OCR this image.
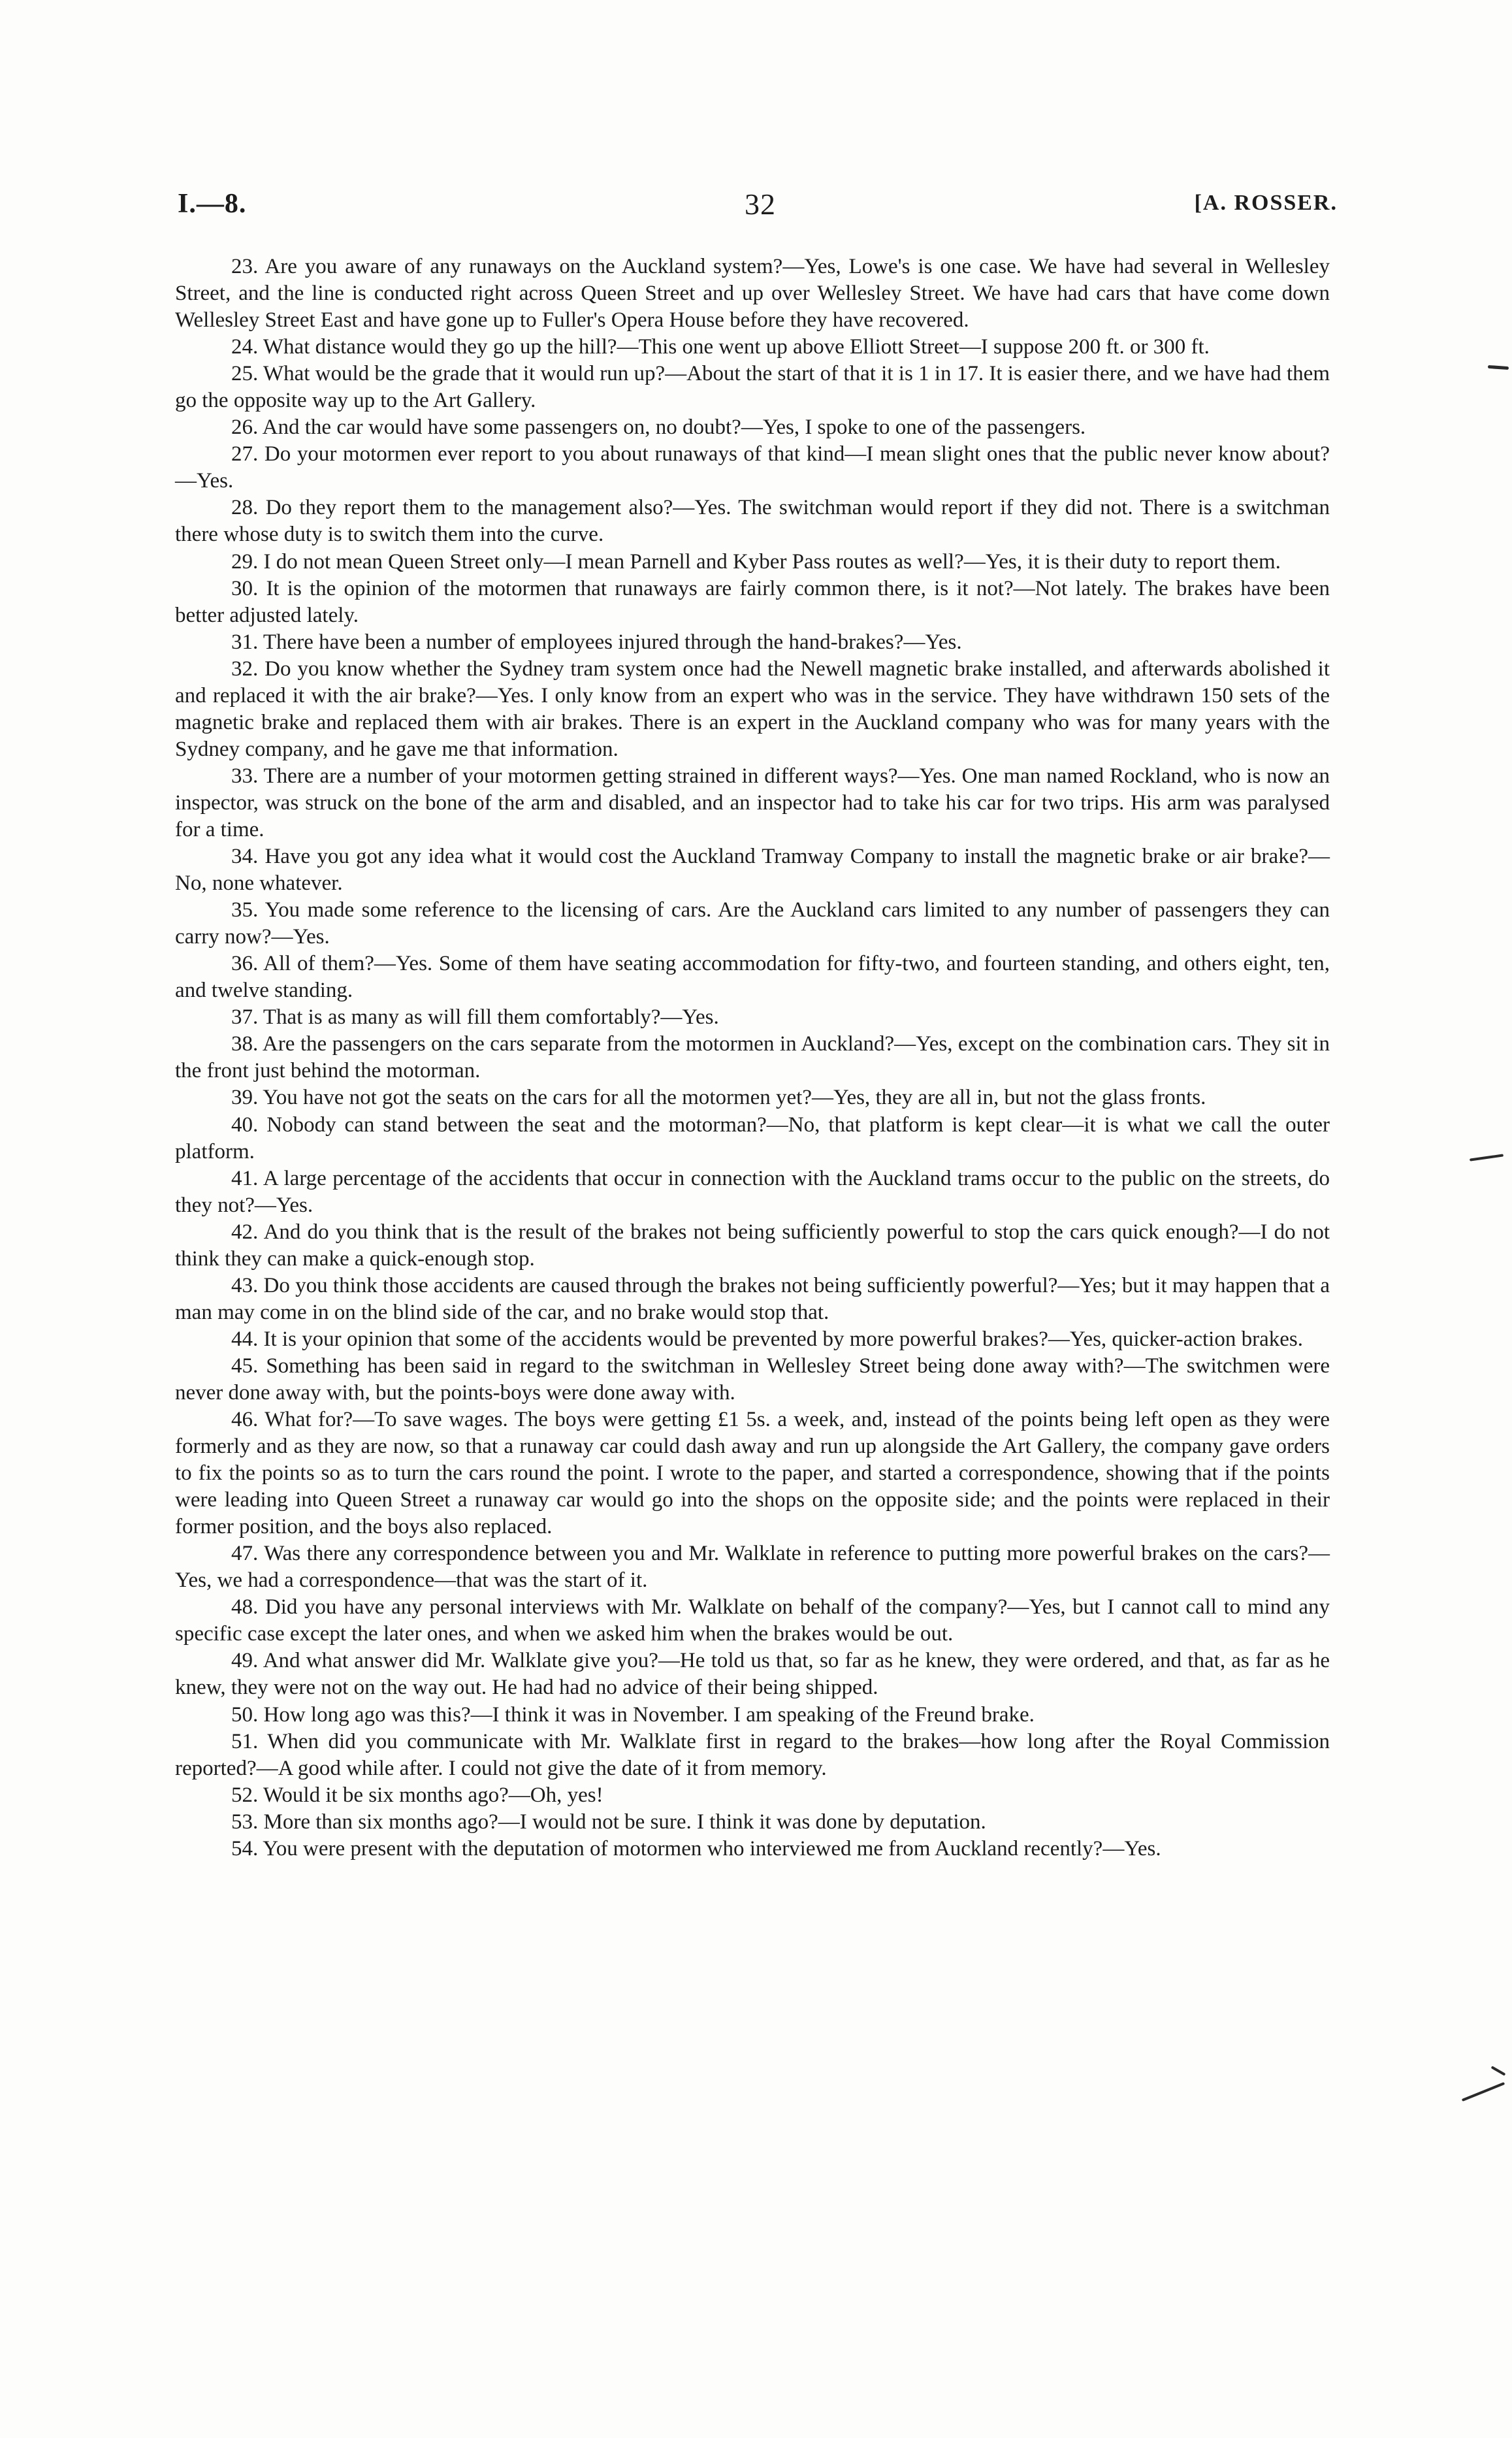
I.—8.	32	[A. ROSSER.

23. Are you aware of any runaways on the Auckland system?—Yes, Lowe's is one case. We have had several in Wellesley Street, and the line is conducted right across Queen Street and up over Wellesley Street. We have had cars that have come down Wellesley Street East and have gone up to Fuller's Opera House before they have recovered.

24. What distance would they go up the hill?—This one went up above Elliott Street—I suppose 200 ft. or 300 ft.

25. What would be the grade that it would run up?—About the start of that it is 1 in 17. It is easier there, and we have had them go the opposite way up to the Art Gallery.

26. And the car would have some passengers on, no doubt?—Yes, I spoke to one of the passengers.

27. Do your motormen ever report to you about runaways of that kind—I mean slight ones that the public never know about?—Yes.

28. Do they report them to the management also?—Yes. The switchman would report if they did not. There is a switchman there whose duty is to switch them into the curve.

29. I do not mean Queen Street only—I mean Parnell and Kyber Pass routes as well?—Yes, it is their duty to report them.

30. It is the opinion of the motormen that runaways are fairly common there, is it not?—Not lately. The brakes have been better adjusted lately.

31. There have been a number of employees injured through the hand-brakes?—Yes.

32. Do you know whether the Sydney tram system once had the Newell magnetic brake installed, and afterwards abolished it and replaced it with the air brake?—Yes. I only know from an expert who was in the service. They have withdrawn 150 sets of the magnetic brake and replaced them with air brakes. There is an expert in the Auckland company who was for many years with the Sydney company, and he gave me that information.

33. There are a number of your motormen getting strained in different ways?—Yes. One man named Rockland, who is now an inspector, was struck on the bone of the arm and disabled, and an inspector had to take his car for two trips. His arm was paralysed for a time.

34. Have you got any idea what it would cost the Auckland Tramway Company to install the magnetic brake or air brake?—No, none whatever.

35. You made some reference to the licensing of cars. Are the Auckland cars limited to any number of passengers they can carry now?—Yes.

36. All of them?—Yes. Some of them have seating accommodation for fifty-two, and fourteen standing, and others eight, ten, and twelve standing.

37. That is as many as will fill them comfortably?—Yes.

38. Are the passengers on the cars separate from the motormen in Auckland?—Yes, except on the combination cars. They sit in the front just behind the motorman.

39. You have not got the seats on the cars for all the motormen yet?—Yes, they are all in, but not the glass fronts.

40. Nobody can stand between the seat and the motorman?—No, that platform is kept clear—it is what we call the outer platform.

41. A large percentage of the accidents that occur in connection with the Auckland trams occur to the public on the streets, do they not?—Yes.

42. And do you think that is the result of the brakes not being sufficiently powerful to stop the cars quick enough?—I do not think they can make a quick-enough stop.

43. Do you think those accidents are caused through the brakes not being sufficiently powerful?—Yes; but it may happen that a man may come in on the blind side of the car, and no brake would stop that.

44. It is your opinion that some of the accidents would be prevented by more powerful brakes?—Yes, quicker-action brakes.

45. Something has been said in regard to the switchman in Wellesley Street being done away with?—The switchmen were never done away with, but the points-boys were done away with.

46. What for?—To save wages. The boys were getting £1 5s. a week, and, instead of the points being left open as they were formerly and as they are now, so that a runaway car could dash away and run up alongside the Art Gallery, the company gave orders to fix the points so as to turn the cars round the point. I wrote to the paper, and started a correspondence, showing that if the points were leading into Queen Street a runaway car would go into the shops on the opposite side; and the points were replaced in their former position, and the boys also replaced.

47. Was there any correspondence between you and Mr. Walklate in reference to putting more powerful brakes on the cars?—Yes, we had a correspondence—that was the start of it.

48. Did you have any personal interviews with Mr. Walklate on behalf of the company?—Yes, but I cannot call to mind any specific case except the later ones, and when we asked him when the brakes would be out.

49. And what answer did Mr. Walklate give you?—He told us that, so far as he knew, they were ordered, and that, as far as he knew, they were not on the way out. He had had no advice of their being shipped.

50. How long ago was this?—I think it was in November. I am speaking of the Freund brake.

51. When did you communicate with Mr. Walklate first in regard to the brakes—how long after the Royal Commission reported?—A good while after. I could not give the date of it from memory.

52. Would it be six months ago?—Oh, yes!

53. More than six months ago?—I would not be sure. I think it was done by deputation.

54. You were present with the deputation of motormen who interviewed me from Auckland recently?—Yes.
